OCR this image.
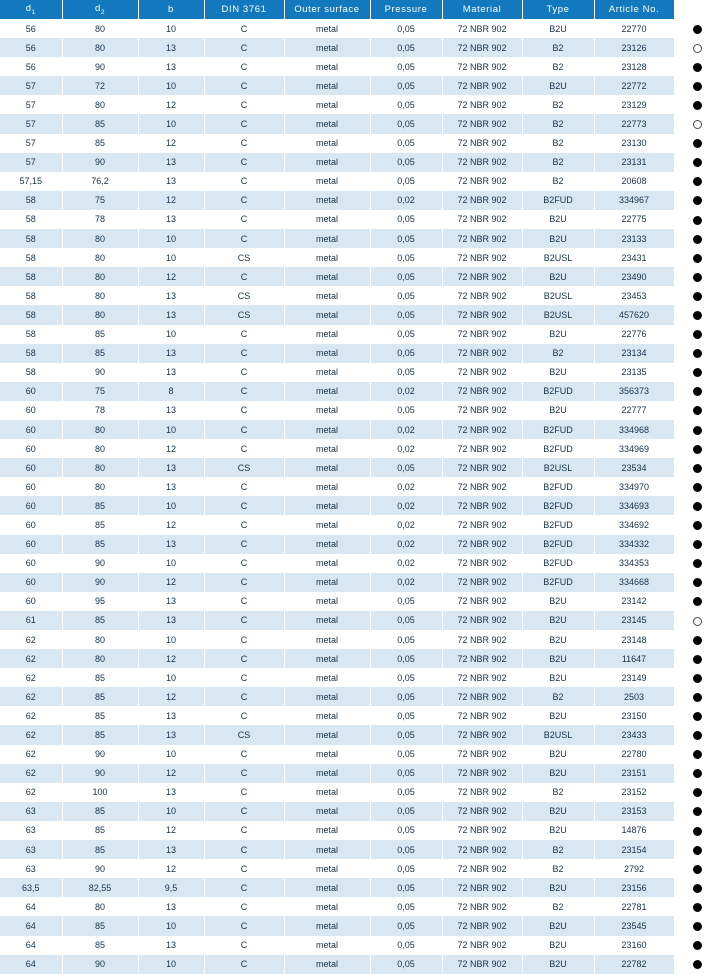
$d_1$	$d_2$	b	DIN 3761	Outer surface	Pressure	Material	Type	Article No.	
56	80	10	C	metal	0,05	72 NBR 902	B2U	22770	
56	80	13	C	metal	0,05	72 NBR 902	B2	23126	
56	90	13	C	metal	0,05	72 NBR 902	B2	23128	
57	72	10	C	metal	0,05	72 NBR 902	B2U	22772	
57	80	12	C	metal	0,05	72 NBR 902	B2	23129	
57	85	10	C	metal	0,05	72 NBR 902	B2	22773	
57	85	12	C	metal	0,05	72 NBR 902	B2	23130	
57	90	13	C	metal	0,05	72 NBR 902	B2	23131	
57,15	76,2	13	C	metal	0,05	72 NBR 902	B2	20608	
58	75	12	C	metal	0,02	72 NBR 902	B2FUD	334967	
58	78	13	C	metal	0,05	72 NBR 902	B2U	22775	
58	80	10	C	metal	0,05	72 NBR 902	B2U	23133	
58	80	10	CS	metal	0,05	72 NBR 902	B2USL	23431	
58	80	12	C	metal	0,05	72 NBR 902	B2U	23490	
58	80	13	CS	metal	0,05	72 NBR 902	B2USL	23453	
58	80	13	CS	metal	0,05	72 NBR 902	B2USL	457620	
58	85	10	C	metal	0,05	72 NBR 902	B2U	22776	
58	85	13	C	metal	0,05	72 NBR 902	B2	23134	
58	90	13	C	metal	0,05	72 NBR 902	B2U	23135	
60	75	8	C	metal	0,02	72 NBR 902	B2FUD	356373	
60	78	13	C	metal	0,05	72 NBR 902	B2U	22777	
60	80	10	C	metal	0,02	72 NBR 902	B2FUD	334968	
60	80	12	C	metal	0,02	72 NBR 902	B2FUD	334969	
60	80	13	CS	metal	0,05	72 NBR 902	B2USL	23534	
60	80	13	C	metal	0,02	72 NBR 902	B2FUD	334970	
60	85	10	C	metal	0,02	72 NBR 902	B2FUD	334693	
60	85	12	C	metal	0,02	72 NBR 902	B2FUD	334692	
60	85	13	C	metal	0,02	72 NBR 902	B2FUD	334332	
60	90	10	C	metal	0,02	72 NBR 902	B2FUD	334353	
60	90	12	C	metal	0,02	72 NBR 902	B2FUD	334668	
60	95	13	C	metal	0,05	72 NBR 902	B2U	23142	
61	85	13	C	metal	0,05	72 NBR 902	B2U	23145	
62	80	10	C	metal	0,05	72 NBR 902	B2U	23148	
62	80	12	C	metal	0,05	72 NBR 902	B2U	11647	
62	85	10	C	metal	0,05	72 NBR 902	B2U	23149	
62	85	12	C	metal	0,05	72 NBR 902	B2	2503	
62	85	13	C	metal	0,05	72 NBR 902	B2U	23150	
62	85	13	CS	metal	0,05	72 NBR 902	B2USL	23433	
62	90	10	C	metal	0,05	72 NBR 902	B2U	22780	
62	90	12	C	metal	0,05	72 NBR 902	B2U	23151	
62	100	13	C	metal	0,05	72 NBR 902	B2	23152	
63	85	10	C	metal	0,05	72 NBR 902	B2U	23153	
63	85	12	C	metal	0,05	72 NBR 902	B2U	14876	
63	85	13	C	metal	0,05	72 NBR 902	B2	23154	
63	90	12	C	metal	0,05	72 NBR 902	B2	2792	
63,5	82,55	9,5	C	metal	0,05	72 NBR 902	B2U	23156	
64	80	13	C	metal	0,05	72 NBR 902	B2	22781	
64	85	10	C	metal	0,05	72 NBR 902	B2U	23545	
64	85	13	C	metal	0,05	72 NBR 902	B2U	23160	
64	90	10	C	metal	0,05	72 NBR 902	B2U	22782	
